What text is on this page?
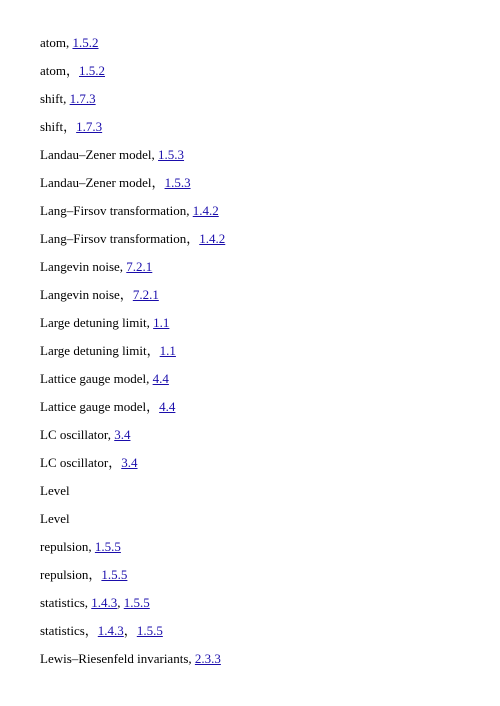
atom, 1.5.2
atom，1.5.2
shift, 1.7.3
shift，1.7.3
Landau–Zener model, 1.5.3
Landau–Zener model，1.5.3
Lang–Firsov transformation, 1.4.2
Lang–Firsov transformation，1.4.2
Langevin noise, 7.2.1
Langevin noise，7.2.1
Large detuning limit, 1.1
Large detuning limit，1.1
Lattice gauge model, 4.4
Lattice gauge model，4.4
LC oscillator, 3.4
LC oscillator，3.4
Level
Level
repulsion, 1.5.5
repulsion，1.5.5
statistics, 1.4.3, 1.5.5
statistics，1.4.3，1.5.5
Lewis–Riesenfeld invariants, 2.3.3
